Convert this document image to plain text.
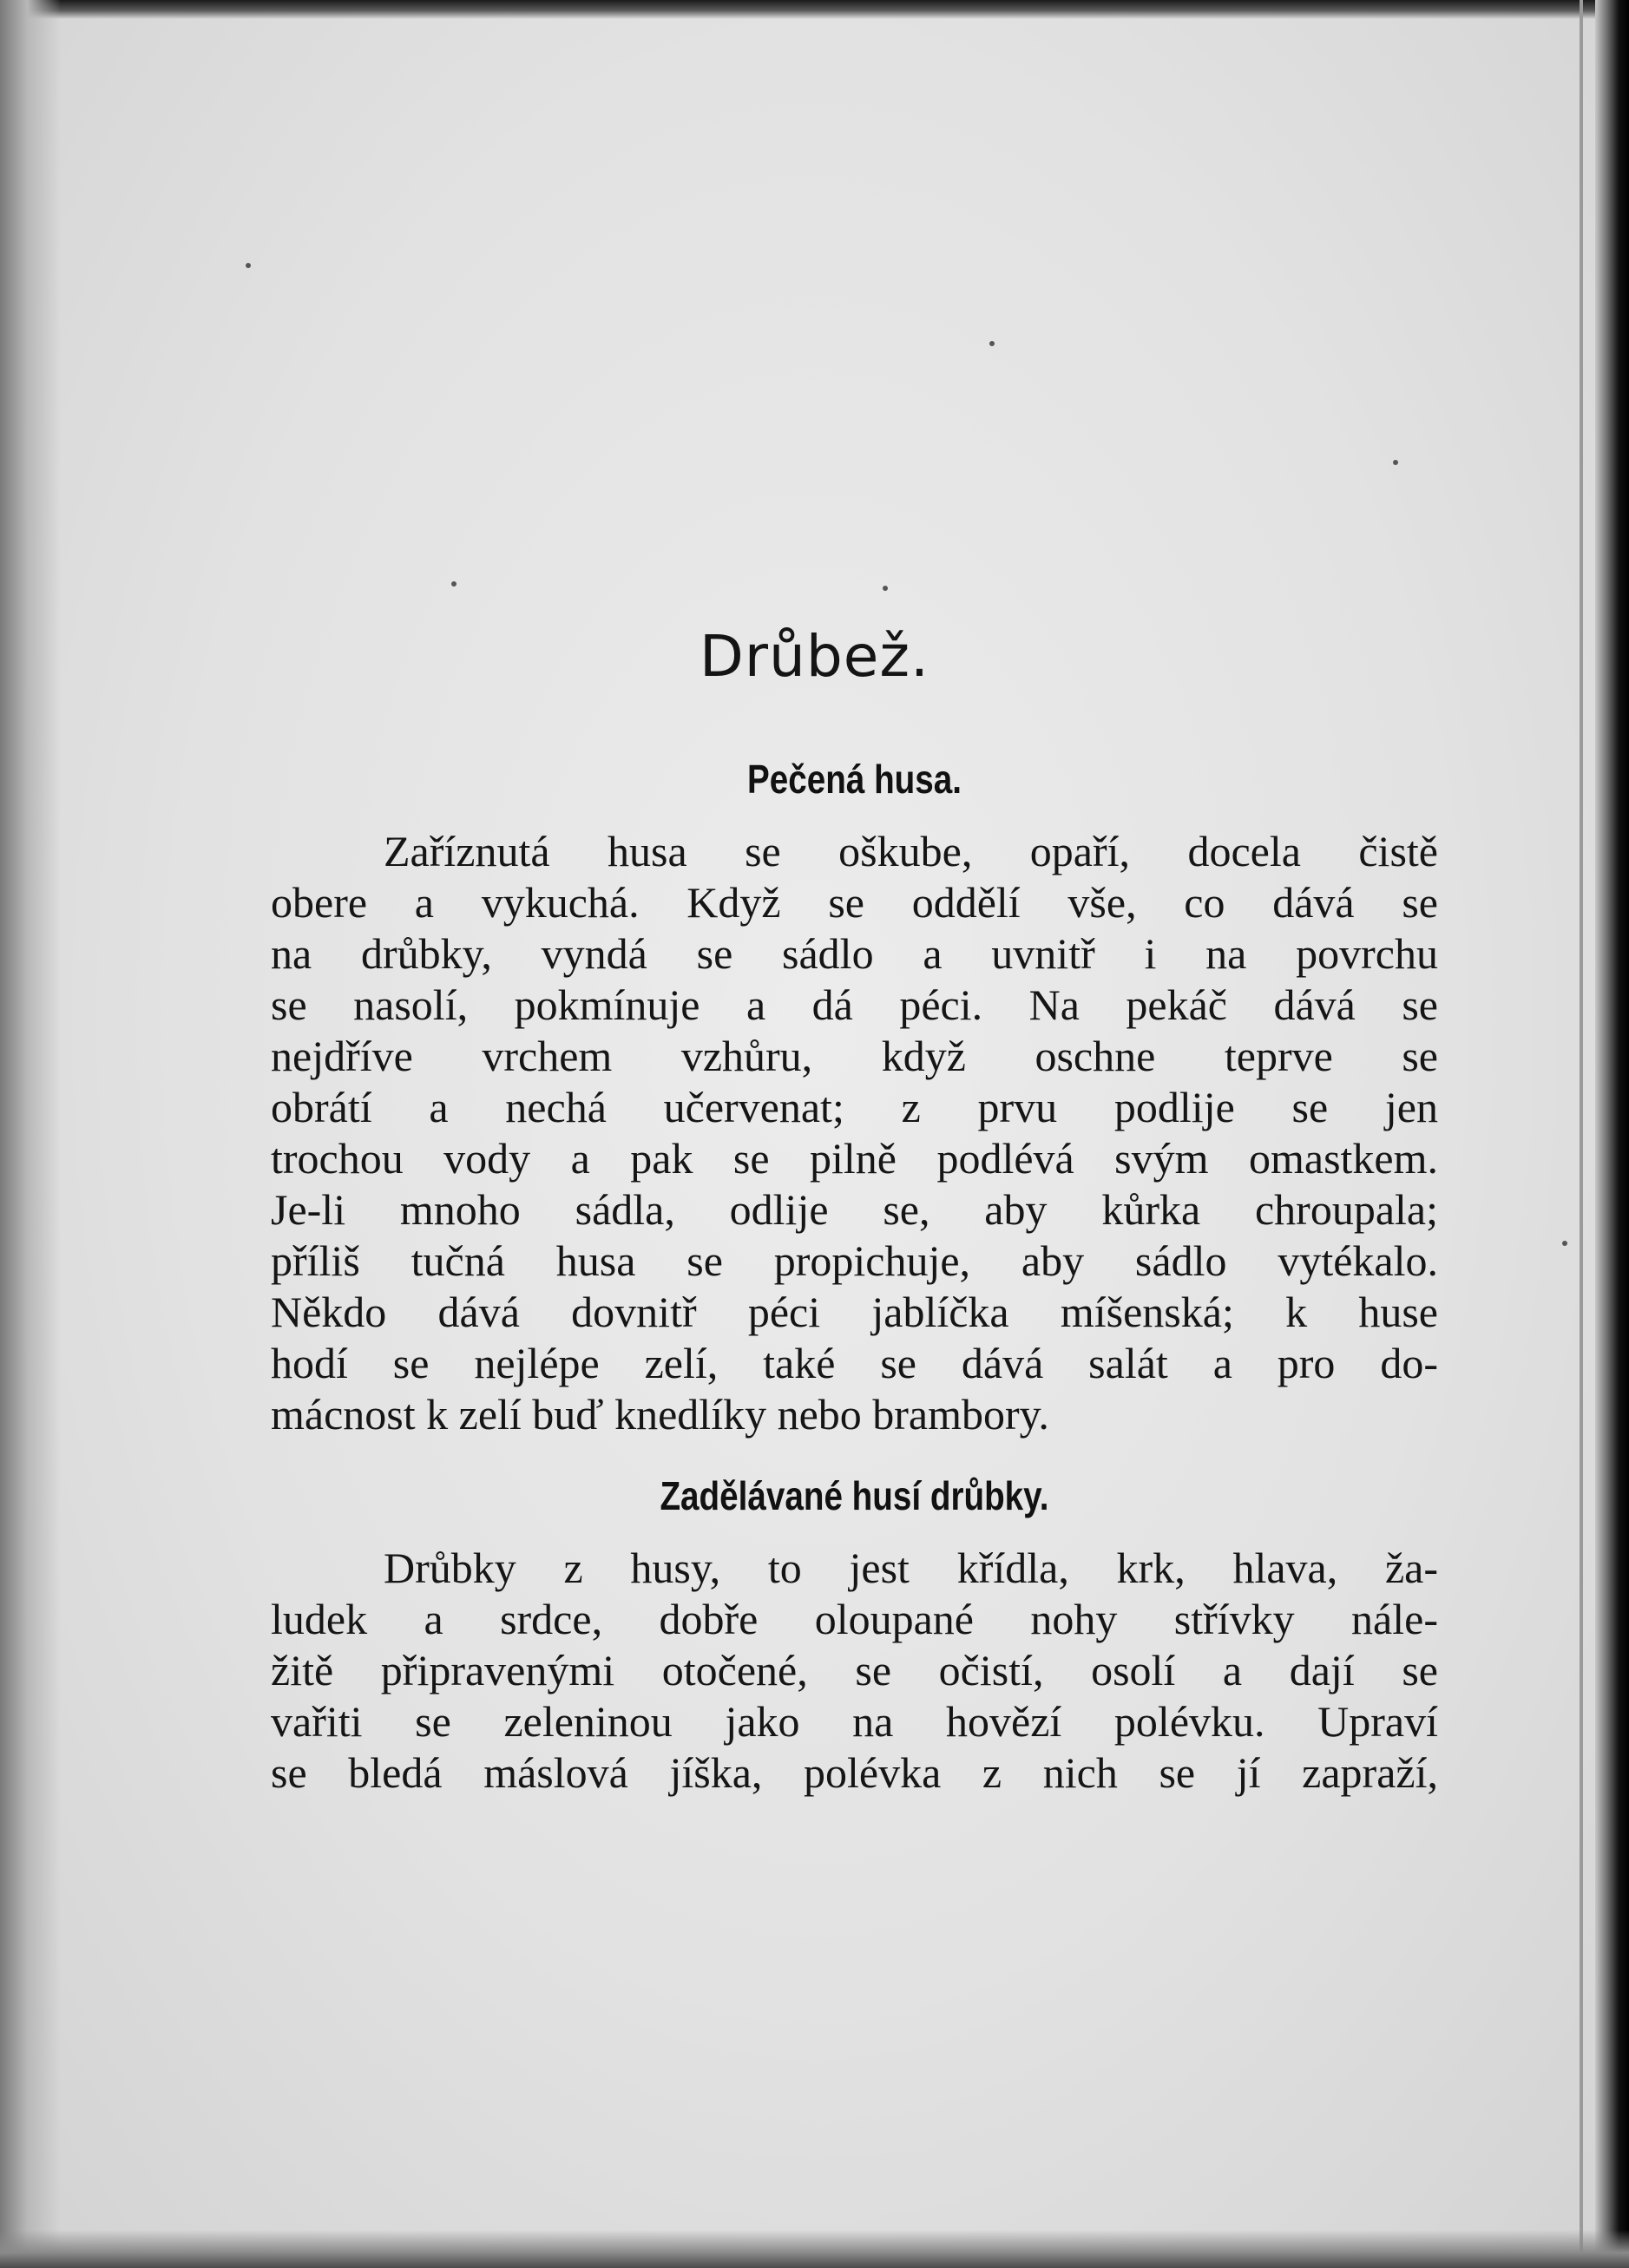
Drůbež.
Pečená husa.
Zaříznutá husa se oškube, opaří, docela čistě
obere a vykuchá. Když se oddělí vše, co dává se
na drůbky, vyndá se sádlo a uvnitř i na povrchu
se nasolí, pokmínuje a dá péci. Na pekáč dává se
nejdříve vrchem vzhůru, když oschne teprve se
obrátí a nechá učervenat; z prvu podlije se jen
trochou vody a pak se pilně podlévá svým omastkem.
Je-li mnoho sádla, odlije se, aby kůrka chroupala;
příliš tučná husa se propichuje, aby sádlo vytékalo.
Někdo dává dovnitř péci jablíčka míšenská; k huse
hodí se nejlépe zelí, také se dává salát a pro do-
mácnost k zelí buď knedlíky nebo brambory.
Zadělávané husí drůbky.
Drůbky z husy, to jest křídla, krk, hlava, ža-
ludek a srdce, dobře oloupané nohy střívky nále-
žitě připravenými otočené, se očistí, osolí a dají se
vařiti se zeleninou jako na hovězí polévku. Upraví
se bledá máslová jíška, polévka z nich se jí zapraží,
